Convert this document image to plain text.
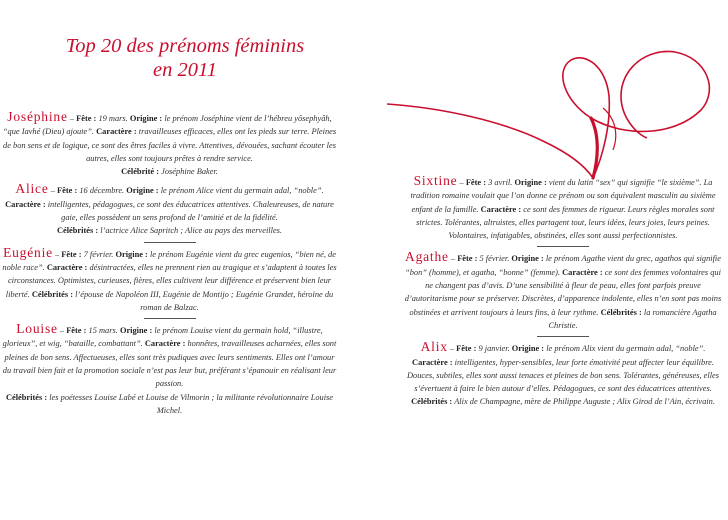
Top 20 des prénoms féminins
en 2011

Joséphine – Fête : 19 mars. Origine : le prénom Joséphine vient de l’hébreu yôsephyâh, “que Iavhé (Dieu) ajoute”. Caractère : travailleuses efficaces, elles ont les pieds sur terre. Pleines de bon sens et de logique, ce sont des êtres faciles à vivre. Attentives, dévouées, sachant écouter les autres, elles sont toujours prêtes à rendre service.

Célébrité : Joséphine Baker.

Alice – Fête : 16 décembre. Origine : le prénom Alice vient du germain adal, “noble”. Caractère : intelligentes, pédagogues, ce sont des éducatrices attentives. Chaleureuses, de nature gaie, elles possèdent un sens profond de l’amitié et de la fidélité.

Célébrités : l’actrice Alice Sapritch ; Alice au pays des merveilles.

Eugénie – Fête : 7 février. Origine : le prénom Eugénie vient du grec eugenios, “bien né, de noble race”. Caractère : désintractées, elles ne prennent rien au tragique et s’adaptent à toutes les circonstances. Optimistes, curieuses, fières, elles cultivent leur différence et préservent bien leur liberté. Célébrités : l’épouse de Napoléon III, Eugénie de Montijo ; Eugénie Grandet, héroïne du roman de Balzac.

Louise – Fête : 15 mars. Origine : le prénom Louise vient du germain hold, “illustre, glorieux”, et wig, “bataille, combattant”. Caractère : honnêtes, travailleuses acharnées, elles sont pleines de bon sens. Affectueuses, elles sont très pudiques avec leurs sentiments. Elles ont l’amour du travail bien fait et la promotion sociale n’est pas leur but, préférant s’épanouir en réalisant leur passion.

Célébrités : les poétesses Louise Labé et Louise de Vilmorin ; la militante révolutionnaire Louise Michel.

Sixtine – Fête : 3 avril. Origine : vient du latin “sex” qui signifie “le sixième”. La tradition romaine voulait que l’on donne ce prénom ou son équivalent masculin au sixième enfant de la famille. Caractère : ce sont des femmes de rigueur. Leurs règles morales sont strictes. Tolérantes, altruistes, elles partagent tout, leurs idées, leurs joies, leurs peines. Volontaires, infatigables, obstinées, elles sont aussi perfectionnistes.

Agathe – Fête : 5 février. Origine : le prénom Agathe vient du grec, agathos qui signifie “bon” (homme), et agatha, “bonne” (femme). Caractère : ce sont des femmes volontaires qui ne changent pas d’avis. D’une sensibilité à fleur de peau, elles font parfois preuve d’autoritarisme pour se préserver. Discrètes, d’apparence indolente, elles n’en sont pas moins obstinées et arrivent toujours à leurs fins, à leur rythme. Célébrités : la romancière Agatha Christie.

Alix – Fête : 9 janvier. Origine : le prénom Alix vient du germain adal, “noble”. Caractère : intelligentes, hyper-sensibles, leur forte émotivité peut affecter leur équilibre. Douces, subtiles, elles sont aussi tenaces et pleines de bon sens. Tolérantes, généreuses, elles s’évertuent à faire le bien autour d’elles. Pédagogues, ce sont des éducatrices attentives. Célébrités : Alix de Champagne, mère de Philippe Auguste ; Alix Girod de l’Ain, écrivain.
